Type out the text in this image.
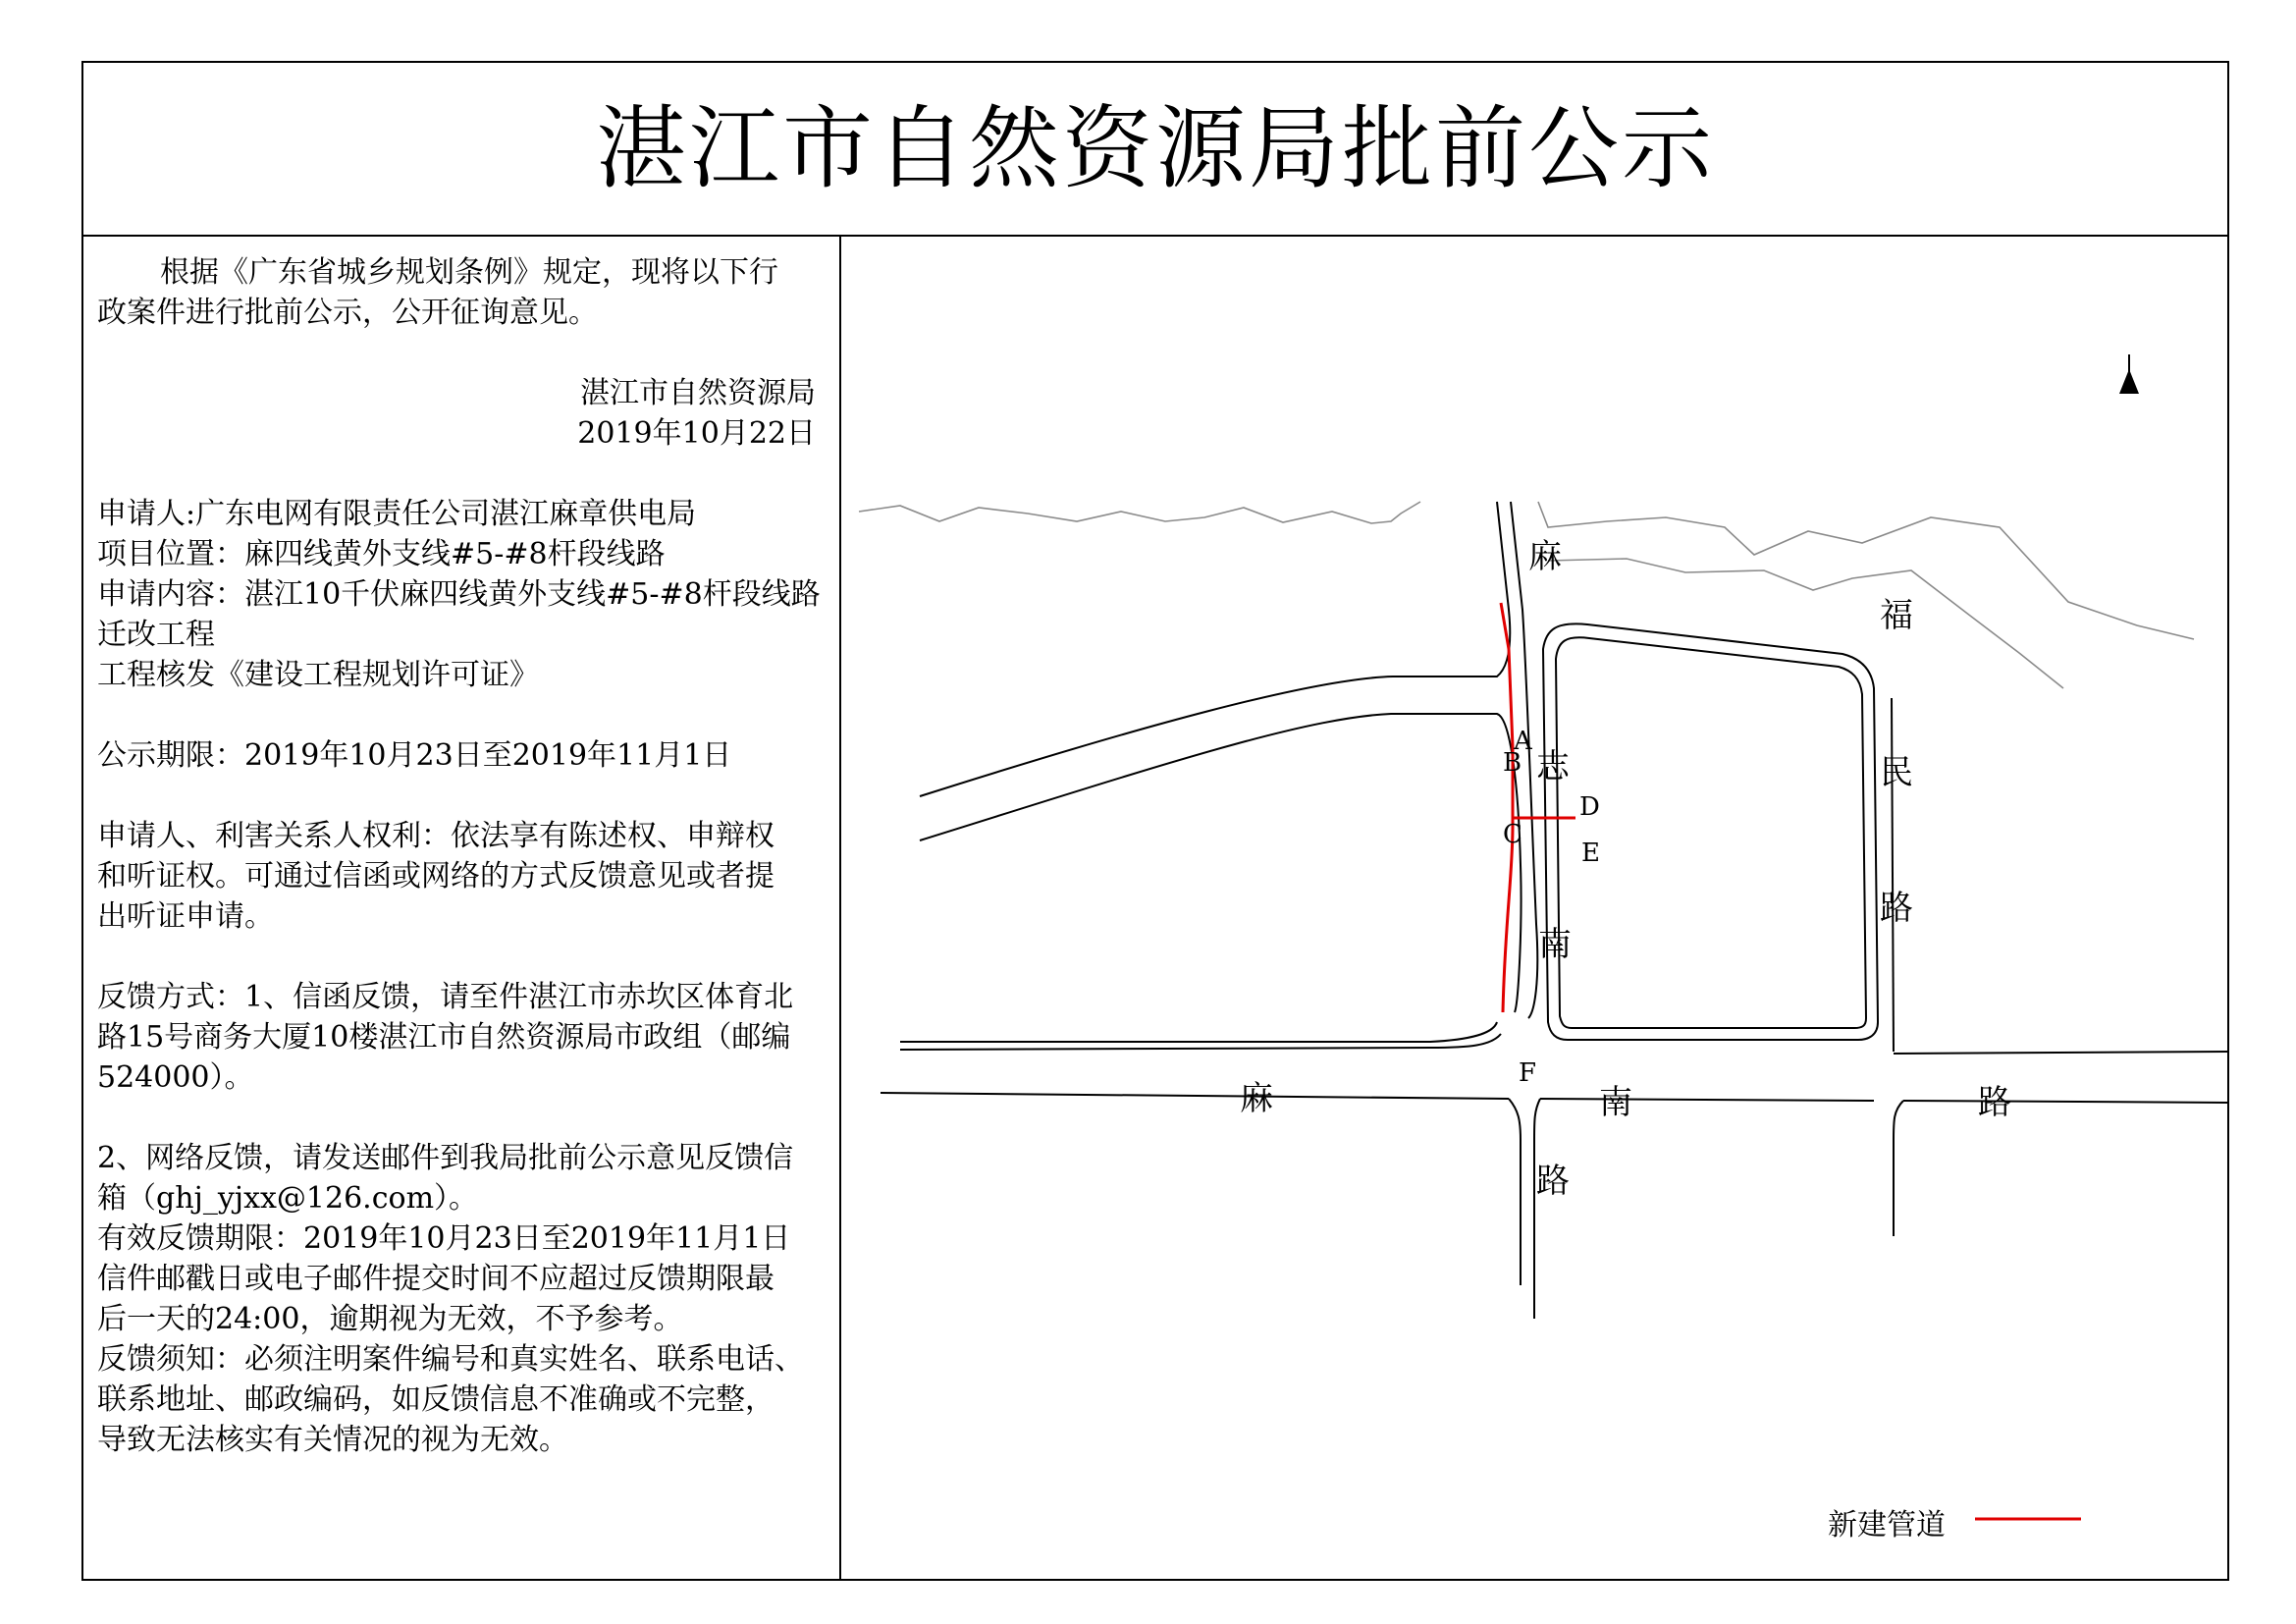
湛江市自然资源局批前公示

根据《广东省城乡规划条例》规定，现将以下行

政案件进行批前公示，公开征询意见。

湛江市自然资源局

2019年10月22日

申请人:广东电网有限责任公司湛江麻章供电局

项目位置：麻四线黄外支线#5-#8杆段线路

申请内容：湛江10千伏麻四线黄外支线#5-#8杆段线路

迁改工程

工程核发《建设工程规划许可证》

公示期限：2019年10月23日至2019年11月1日

申请人、利害关系人权利：依法享有陈述权、申辩权

和听证权。可通过信函或网络的方式反馈意见或者提

出听证申请。

反馈方式：1、信函反馈，请至件湛江市赤坎区体育北

路15号商务大厦10楼湛江市自然资源局市政组（邮编

524000）。

2、网络反馈，请发送邮件到我局批前公示意见反馈信

箱（ghj_yjxx@126.com）。

有效反馈期限：2019年10月23日至2019年11月1日

信件邮戳日或电子邮件提交时间不应超过反馈期限最

后一天的24:00，逾期视为无效，不予参考。

反馈须知：必须注明案件编号和真实姓名、联系电话、

联系地址、邮政编码，如反馈信息不准确或不完整，

导致无法核实有关情况的视为无效。

麻
志
南
福
民
路
麻	南	路
路
A
B
C
D
E
F
新建管道
